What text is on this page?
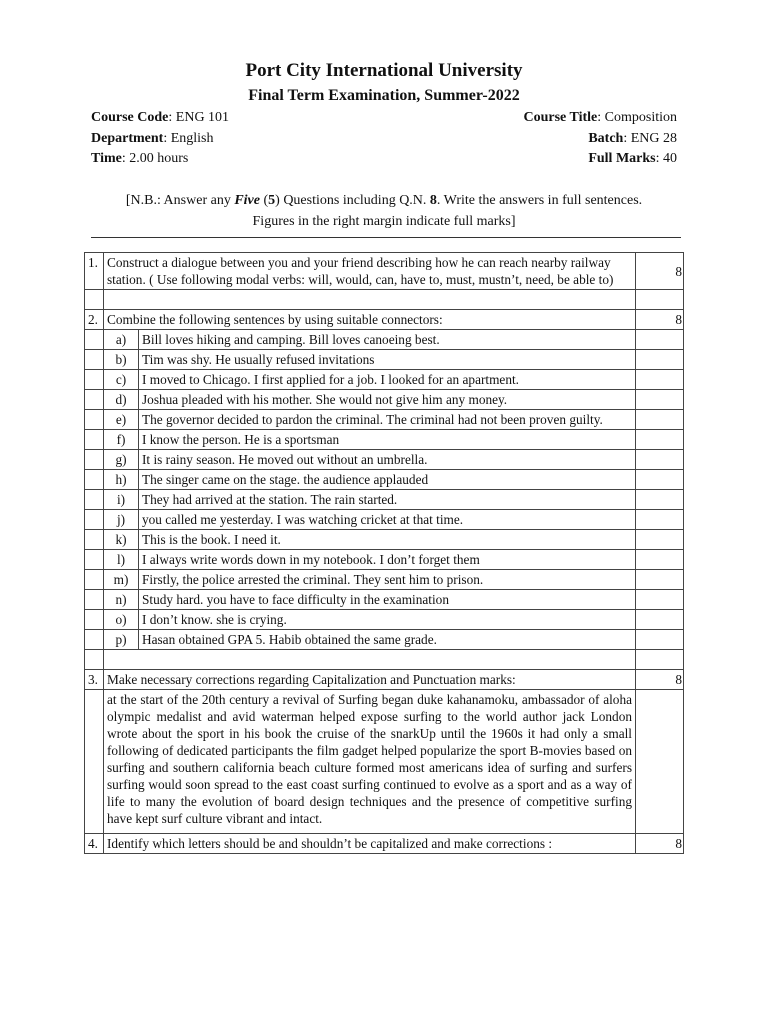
Port City International University
Final Term Examination, Summer-2022
Course Code: ENG 101	Course Title: Composition
Department: English	Batch: ENG 28
Time: 2.00 hours	Full Marks: 40
[N.B.: Answer any Five (5) Questions including Q.N. 8. Write the answers in full sentences.
Figures in the right margin indicate full marks]
1.	Construct a dialogue between you and your friend describing how he can reach nearby railway station. ( Use following modal verbs: will, would, can, have to, must, mustn’t, need, be able to)		8

2.	Combine the following sentences by using suitable connectors:		8
	a)	Bill loves hiking and camping. Bill loves canoeing best.	
	b)	Tim was shy. He usually refused invitations	
	c)	I moved to Chicago. I first applied for a job. I looked for an apartment.	
	d)	Joshua pleaded with his mother. She would not give him any money.	
	e)	The governor decided to pardon the criminal. The criminal had not been proven guilty.	
	f)	I know the person. He is a sportsman	
	g)	It is rainy season. He moved out without an umbrella.	
	h)	The singer came on the stage. the audience applauded	
	i)	They had arrived at the station. The rain started.	
	j)	you called me yesterday. I was watching cricket at that time.	
	k)	This is the book. I need it.	
	l)	I always write words down in my notebook. I don’t forget them	
	m)	Firstly, the police arrested the criminal. They sent him to prison.	
	n)	Study hard. you have to face difficulty in the examination	
	o)	I don’t know. she is crying.	
	p)	Hasan obtained GPA 5. Habib obtained the same grade.	

3.	Make necessary corrections regarding Capitalization and Punctuation marks:		8
	at the start of the 20th century a revival of Surfing began duke kahanamoku, ambassador of aloha olympic medalist and avid waterman helped expose surfing to the world author jack London wrote about the sport in his book the cruise of the snarkUp until the 1960s it had only a small following of dedicated participants the film gadget helped popularize the sport B-movies based on surfing and southern california beach culture formed most americans idea of surfing and surfers surfing would soon spread to the east coast surfing continued to evolve as a sport and as a way of life to many the evolution of board design techniques and the presence of competitive surfing have kept surf culture vibrant and intact.		
4.	Identify which letters should be and shouldn’t be capitalized and make corrections :		8
